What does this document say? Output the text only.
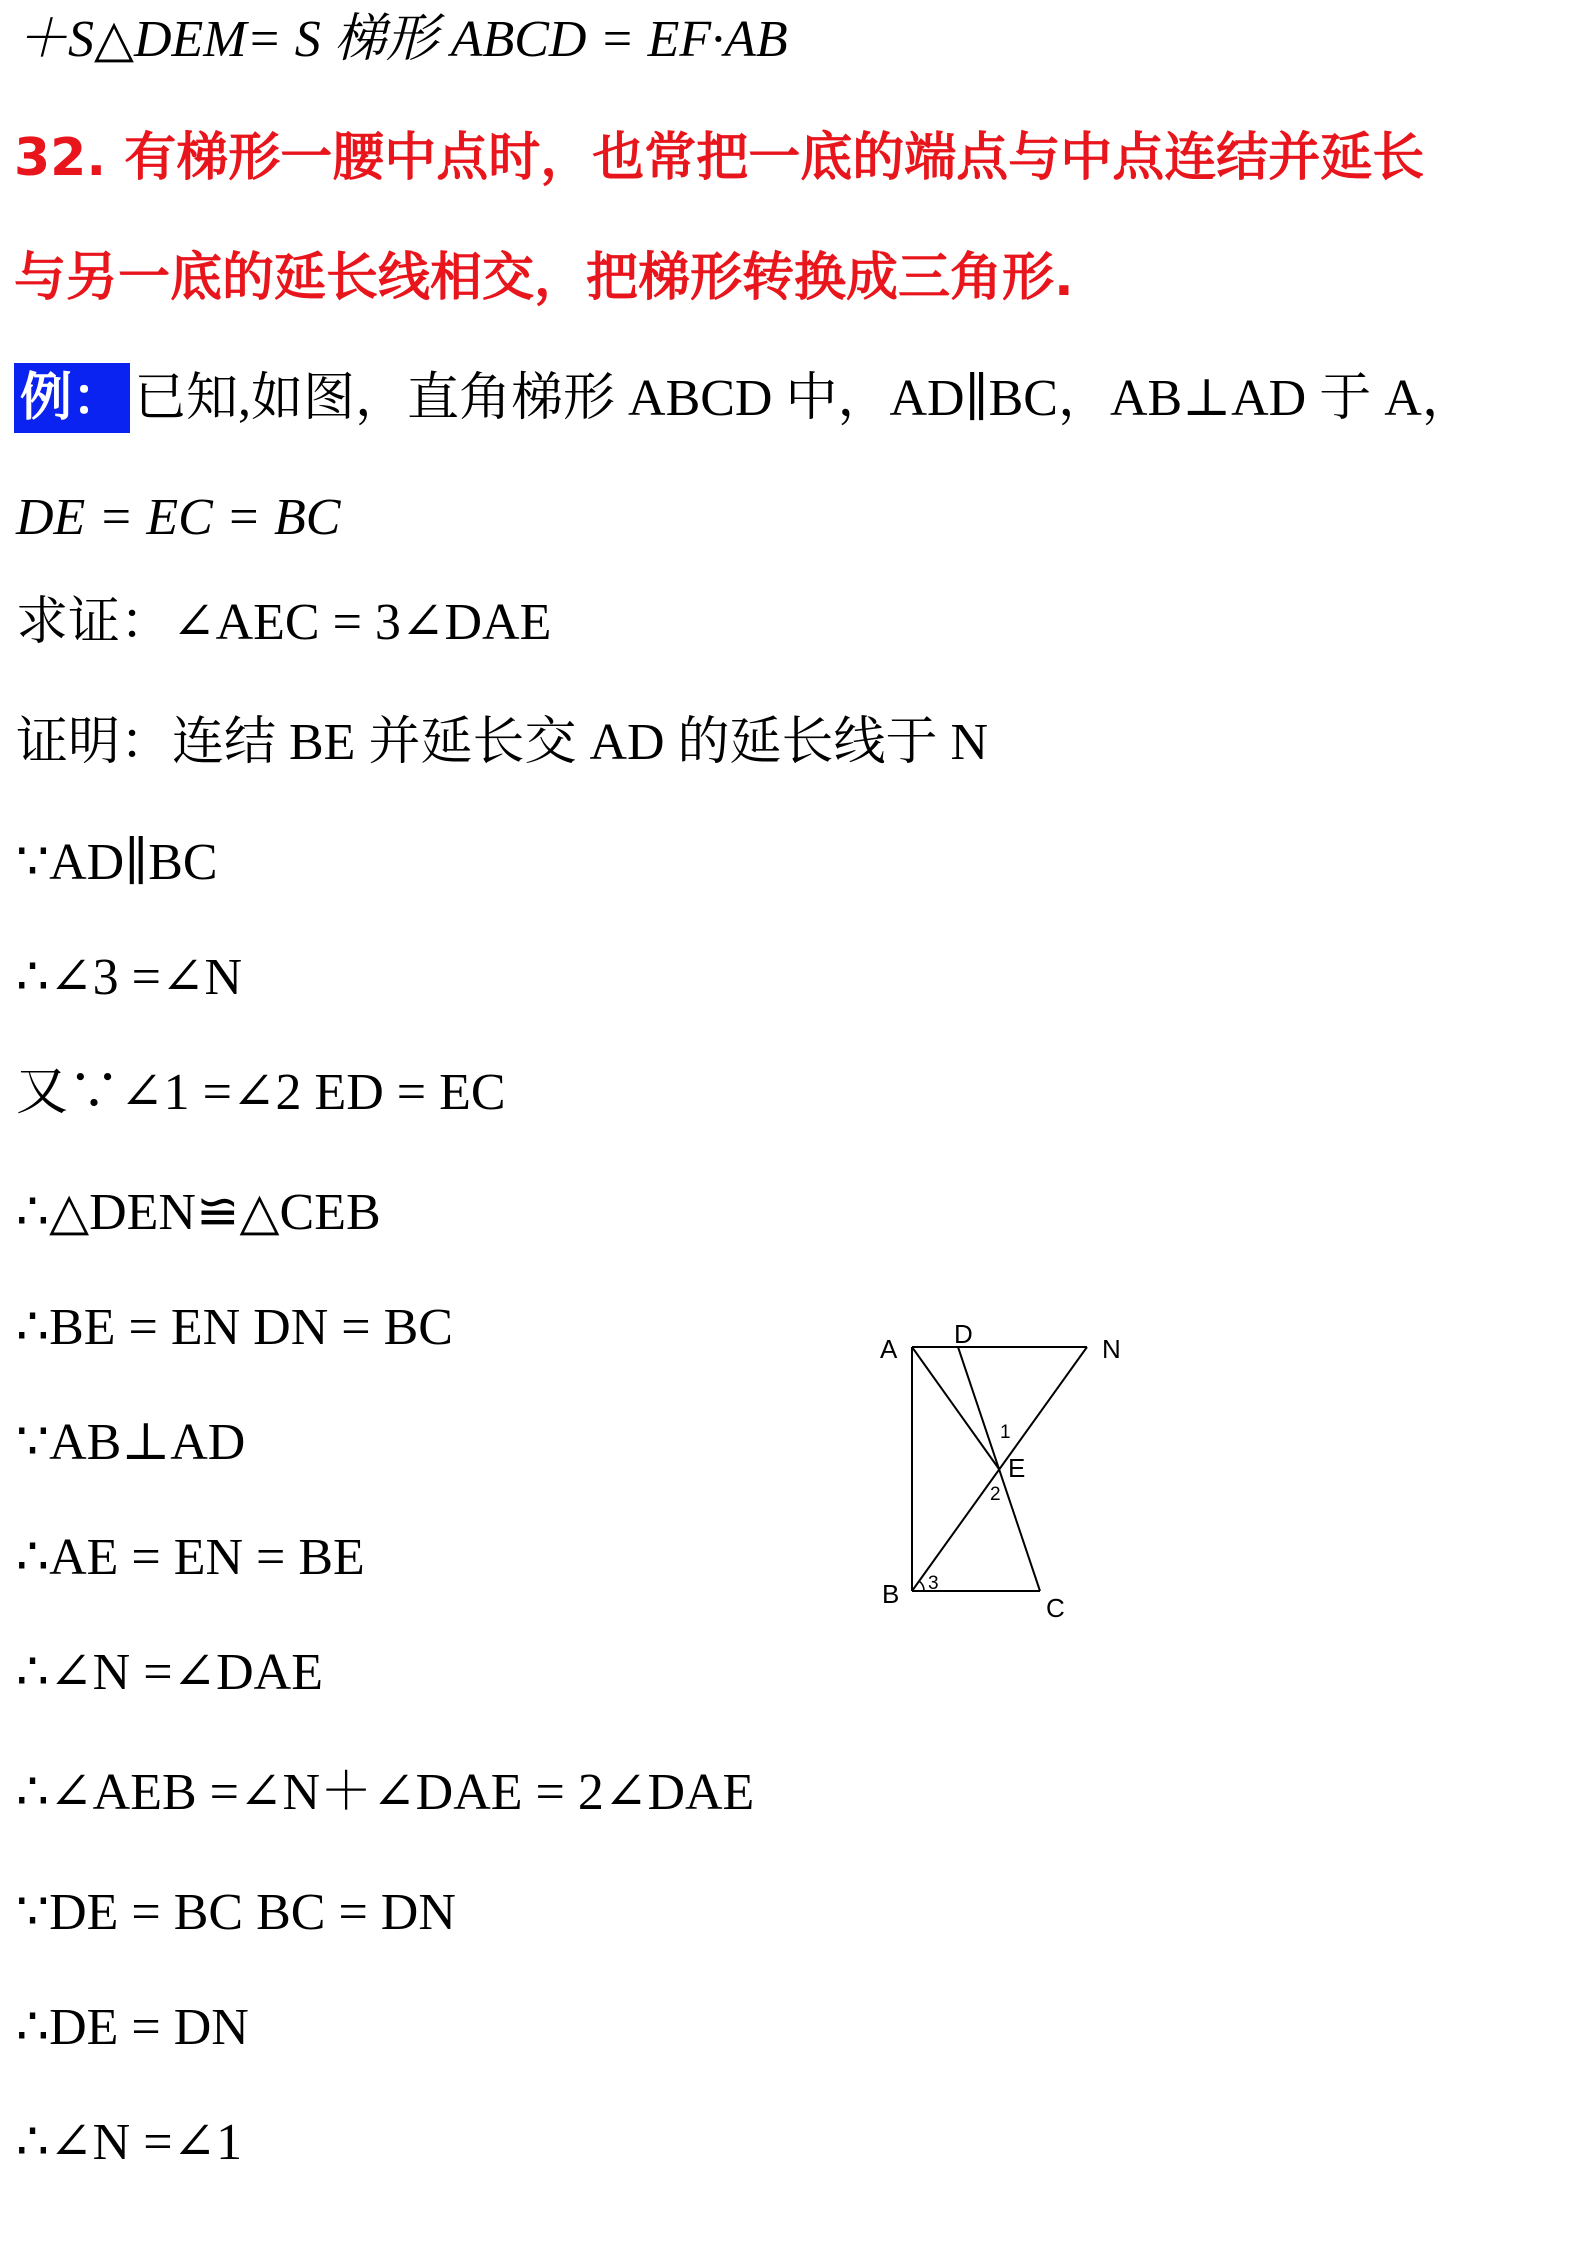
＋S△DEM= S 梯形 ABCD = EF·AB
32. 有梯形一腰中点时，也常把一底的端点与中点连结并延长
与另一底的延长线相交，把梯形转换成三角形.
例： 已知,如图，直角梯形 ABCD 中，AD∥BC，AB⊥AD 于 A，
DE = EC = BC
求证：∠AEC = 3∠DAE
证明：连结 BE 并延长交 AD 的延长线于 N
∵AD∥BC
∴∠3 =∠N
又∵∠1 =∠2 ED = EC
∴△DEN≌△CEB
∴BE = EN DN = BC
∵AB⊥AD
∴AE = EN = BE
∴∠N =∠DAE
∴∠AEB =∠N＋∠DAE = 2∠DAE
∵DE = BC BC = DN
∴DE = DN
∴∠N =∠1
A D	N
E
B	C
1
2
3
